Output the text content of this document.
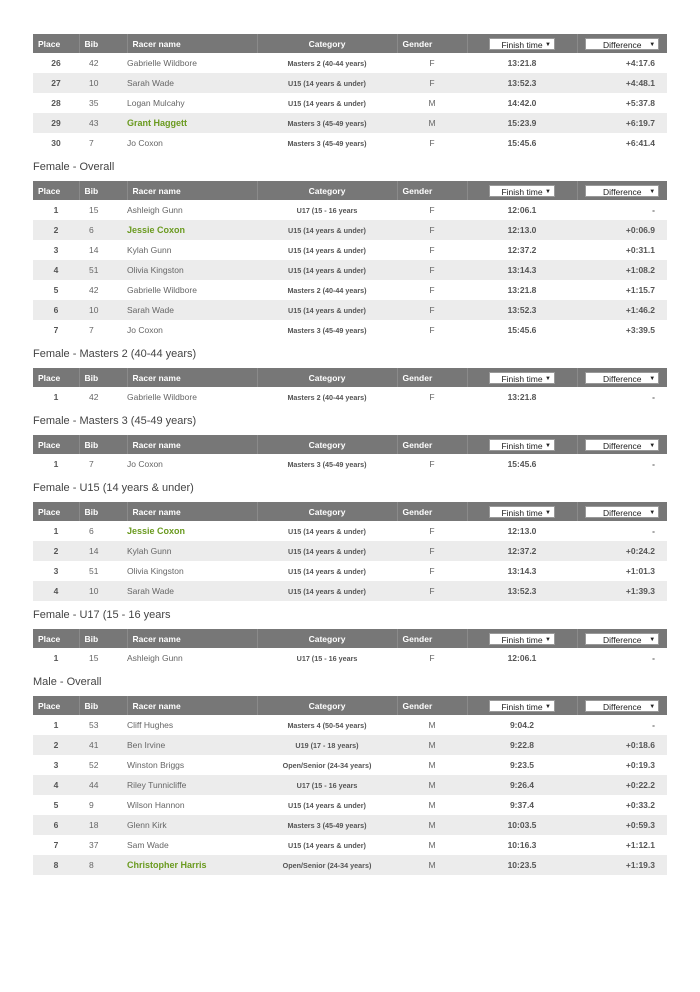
Place	Bib	Racer name	Category	Gender	Finish time ▼	Difference ▼

26	42	Gabrielle Wildbore	Masters 2 (40-44 years)	F	13:21.8	+4:17.6
27	10	Sarah Wade	U15 (14 years & under)	F	13:52.3	+4:48.1
28	35	Logan Mulcahy	U15 (14 years & under)	M	14:42.0	+5:37.8
29	43	Grant Haggett	Masters 3 (45-49 years)	M	15:23.9	+6:19.7
30	7	Jo Coxon	Masters 3 (45-49 years)	F	15:45.6	+6:41.4
Female - Overall
Place	Bib	Racer name	Category	Gender	Finish time ▼	Difference ▼

1	15	Ashleigh Gunn	U17 (15 - 16 years	F	12:06.1	-
2	6	Jessie Coxon	U15 (14 years & under)	F	12:13.0	+0:06.9
3	14	Kylah Gunn	U15 (14 years & under)	F	12:37.2	+0:31.1
4	51	Olivia Kingston	U15 (14 years & under)	F	13:14.3	+1:08.2
5	42	Gabrielle Wildbore	Masters 2 (40-44 years)	F	13:21.8	+1:15.7
6	10	Sarah Wade	U15 (14 years & under)	F	13:52.3	+1:46.2
7	7	Jo Coxon	Masters 3 (45-49 years)	F	15:45.6	+3:39.5
Female - Masters 2 (40-44 years)
Place	Bib	Racer name	Category	Gender	Finish time ▼	Difference ▼

1	42	Gabrielle Wildbore	Masters 2 (40-44 years)	F	13:21.8	-
Female - Masters 3 (45-49 years)
Place	Bib	Racer name	Category	Gender	Finish time ▼	Difference ▼

1	7	Jo Coxon	Masters 3 (45-49 years)	F	15:45.6	-
Female - U15 (14 years & under)
Place	Bib	Racer name	Category	Gender	Finish time ▼	Difference ▼

1	6	Jessie Coxon	U15 (14 years & under)	F	12:13.0	-
2	14	Kylah Gunn	U15 (14 years & under)	F	12:37.2	+0:24.2
3	51	Olivia Kingston	U15 (14 years & under)	F	13:14.3	+1:01.3
4	10	Sarah Wade	U15 (14 years & under)	F	13:52.3	+1:39.3
Female - U17 (15 - 16 years
Place	Bib	Racer name	Category	Gender	Finish time ▼	Difference ▼

1	15	Ashleigh Gunn	U17 (15 - 16 years	F	12:06.1	-
Male - Overall
Place	Bib	Racer name	Category	Gender	Finish time ▼	Difference ▼

1	53	Cliff Hughes	Masters 4 (50-54 years)	M	9:04.2	-
2	41	Ben Irvine	U19 (17 - 18 years)	M	9:22.8	+0:18.6
3	52	Winston Briggs	Open/Senior (24-34 years)	M	9:23.5	+0:19.3
4	44	Riley Tunnicliffe	U17 (15 - 16 years	M	9:26.4	+0:22.2
5	9	Wilson Hannon	U15 (14 years & under)	M	9:37.4	+0:33.2
6	18	Glenn Kirk	Masters 3 (45-49 years)	M	10:03.5	+0:59.3
7	37	Sam Wade	U15 (14 years & under)	M	10:16.3	+1:12.1
8	8	Christopher Harris	Open/Senior (24-34 years)	M	10:23.5	+1:19.3
